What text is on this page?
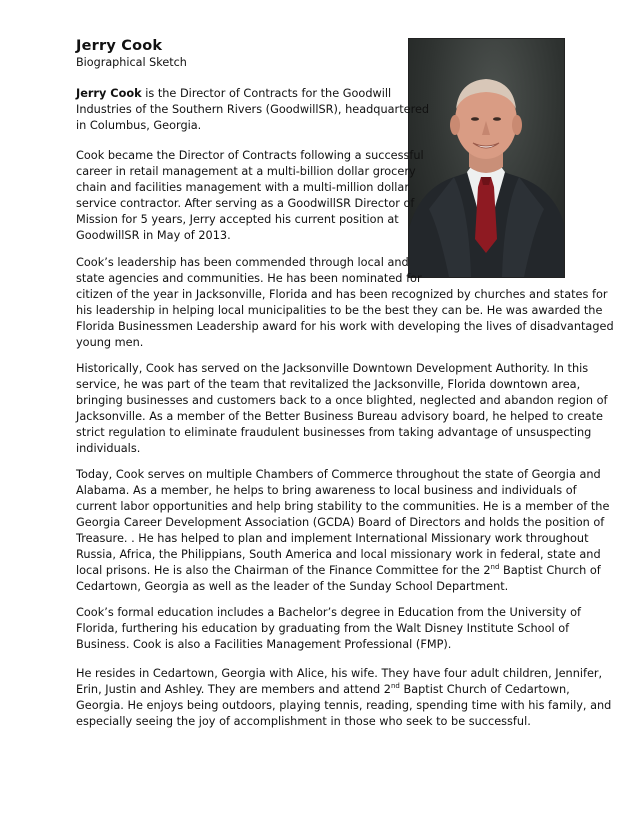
Jerry Cook
Biographical Sketch
Jerry Cook is the Director of Contracts for the Goodwill
Industries of the Southern Rivers (GoodwillSR), headquartered
in Columbus, Georgia.
Cook became the Director of Contracts following a successful
career in retail management at a multi-billion dollar grocery
chain and facilities management with a multi-million dollar
service contractor. After serving as a GoodwillSR Director of
Mission for 5 years, Jerry accepted his current position at
GoodwillSR in May of 2013.
Cook’s leadership has been commended through local and
state agencies and communities. He has been nominated for
citizen of the year in Jacksonville, Florida and has been recognized by churches and states for
his leadership in helping local municipalities to be the best they can be. He was awarded the
Florida Businessmen Leadership award for his work with developing the lives of disadvantaged
young men.
Historically, Cook has served on the Jacksonville Downtown Development Authority. In this
service, he was part of the team that revitalized the Jacksonville, Florida downtown area,
bringing businesses and customers back to a once blighted, neglected and abandon region of
Jacksonville. As a member of the Better Business Bureau advisory board, he helped to create
strict regulation to eliminate fraudulent businesses from taking advantage of unsuspecting
individuals.
Today, Cook serves on multiple Chambers of Commerce throughout the state of Georgia and
Alabama. As a member, he helps to bring awareness to local business and individuals of
current labor opportunities and help bring stability to the communities. He is a member of the
Georgia Career Development Association (GCDA) Board of Directors and holds the position of
Treasure. . He has helped to plan and implement International Missionary work throughout
Russia, Africa, the Philippians, South America and local missionary work in federal, state and
local prisons. He is also the Chairman of the Finance Committee for the 2nd Baptist Church of
Cedartown, Georgia as well as the leader of the Sunday School Department.
Cook’s formal education includes a Bachelor’s degree in Education from the University of
Florida, furthering his education by graduating from the Walt Disney Institute School of
Business. Cook is also a Facilities Management Professional (FMP).
He resides in Cedartown, Georgia with Alice, his wife. They have four adult children, Jennifer,
Erin, Justin and Ashley. They are members and attend 2nd Baptist Church of Cedartown,
Georgia. He enjoys being outdoors, playing tennis, reading, spending time with his family, and
especially seeing the joy of accomplishment in those who seek to be successful.
